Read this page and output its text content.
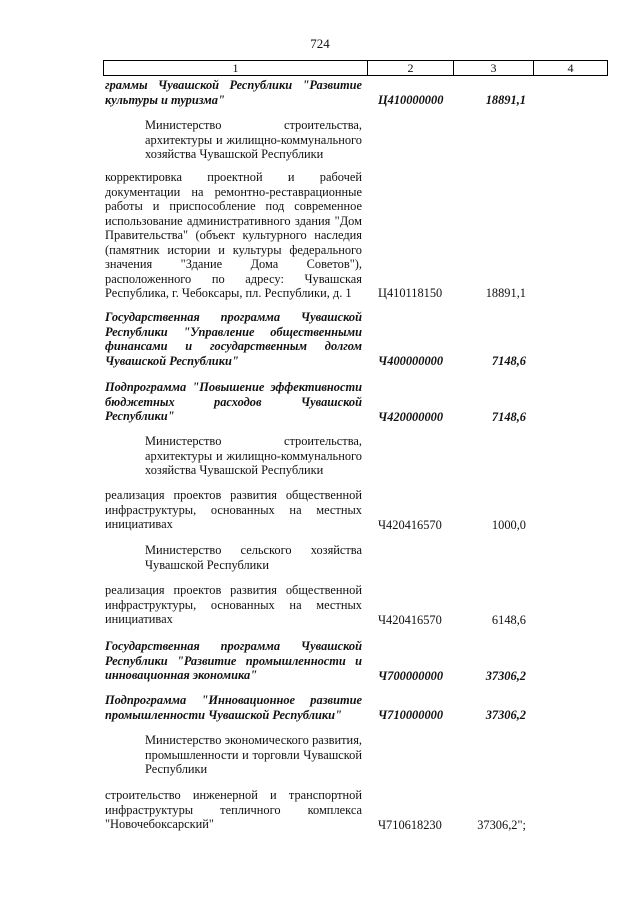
724
1	2	3	4
граммы Чувашской Республики "Развитие культуры и туризма"	Ц410000000	18891,1
Министерство строительства, архитектуры и жилищно-коммунального хозяйства Чувашской Республики
корректировка проектной и рабочей документации на ремонтно-реставрационные работы и приспособление под современное использование административного здания "Дом Правительства" (объект культурного наследия (памятник истории и культуры федерального значения "Здание Дома Советов"), расположенного по адресу: Чувашская Республика, г. Чебоксары, пл. Республики, д. 1	Ц410118150	18891,1
Государственная программа Чувашской Республики "Управление общественными финансами и государственным долгом Чувашской Республики"	Ч400000000	7148,6
Подпрограмма "Повышение эффективности бюджетных расходов Чувашской Республики"	Ч420000000	7148,6
Министерство строительства, архитектуры и жилищно-коммунального хозяйства Чувашской Республики
реализация проектов развития общественной инфраструктуры, основанных на местных инициативах	Ч420416570	1000,0
Министерство сельского хозяйства Чувашской Республики
реализация проектов развития общественной инфраструктуры, основанных на местных инициативах	Ч420416570	6148,6
Государственная программа Чувашской Республики "Развитие промышленности и инновационная экономика"	Ч700000000	37306,2
Подпрограмма "Инновационное развитие промышленности Чувашской Республики"	Ч710000000	37306,2
Министерство экономического развития, промышленности и торговли Чувашской Республики
строительство инженерной и транспортной инфраструктуры тепличного комплекса "Новочебоксарский"	Ч710618230	37306,2";
